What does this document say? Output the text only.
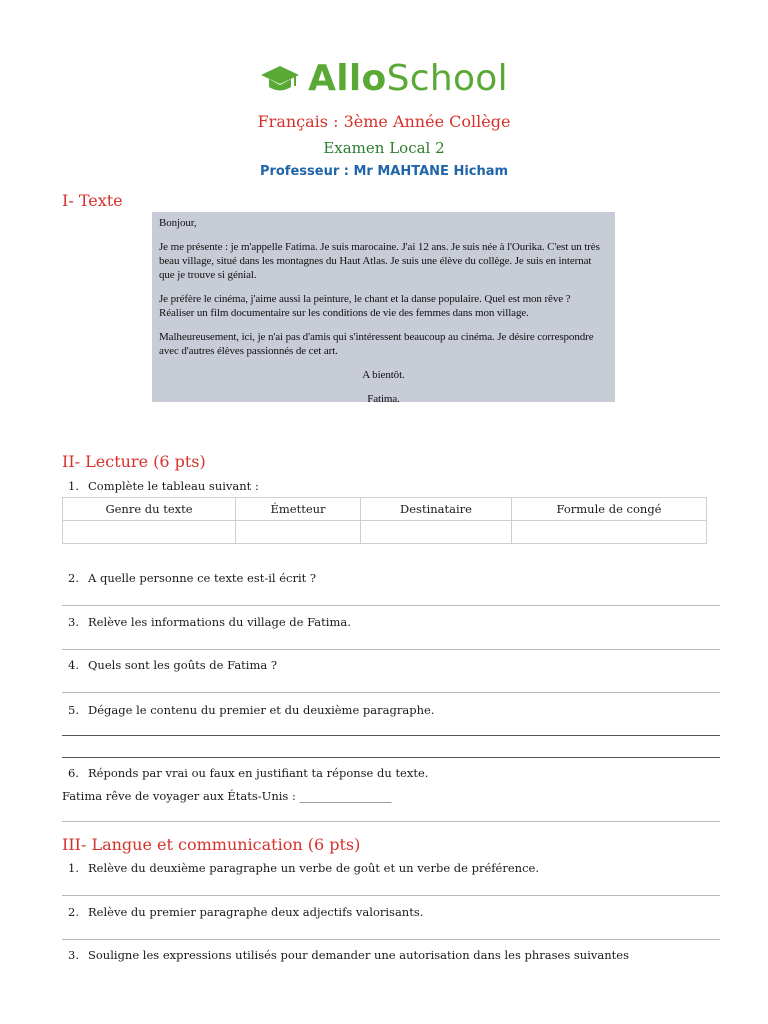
AlloSchool
Français : 3ème Année Collège
Examen Local 2
Professeur : Mr MAHTANE Hicham
I- Texte

Bonjour,

Je me présente : je m'appelle Fatima. Je suis marocaine. J'ai 12 ans. Je suis née à l'Ourika. C'est un très beau village, situé dans les montagnes du Haut Atlas. Je suis une élève du collège. Je suis en internat que je trouve si génial.

Je préfère le cinéma, j'aime aussi la peinture, le chant et la danse populaire. Quel est mon rêve ? Réaliser un film documentaire sur les conditions de vie des femmes dans mon village.

Malheureusement, ici, je n'ai pas d'amis qui s'intéressent beaucoup au cinéma. Je désire correspondre avec d'autres élèves passionnés de cet art.

A bientôt.
Fatima.
II- Lecture (6 pts)
1. Complète le tableau suivant :
Genre du texte	Émetteur	Destinataire	Formule de congé

2. A quelle personne ce texte est-il écrit ?
3. Relève les informations du village de Fatima.
4. Quels sont les goûts de Fatima ?
5. Dégage le contenu du premier et du deuxième paragraphe.
6. Réponds par vrai ou faux en justifiant ta réponse du texte.
Fatima rêve de voyager aux États-Unis : ________________
III- Langue et communication (6 pts)
1. Relève du deuxième paragraphe un verbe de goût et un verbe de préférence.
2. Relève du premier paragraphe deux adjectifs valorisants.
3. Souligne les expressions utilisés pour demander une autorisation dans les phrases suivantes
